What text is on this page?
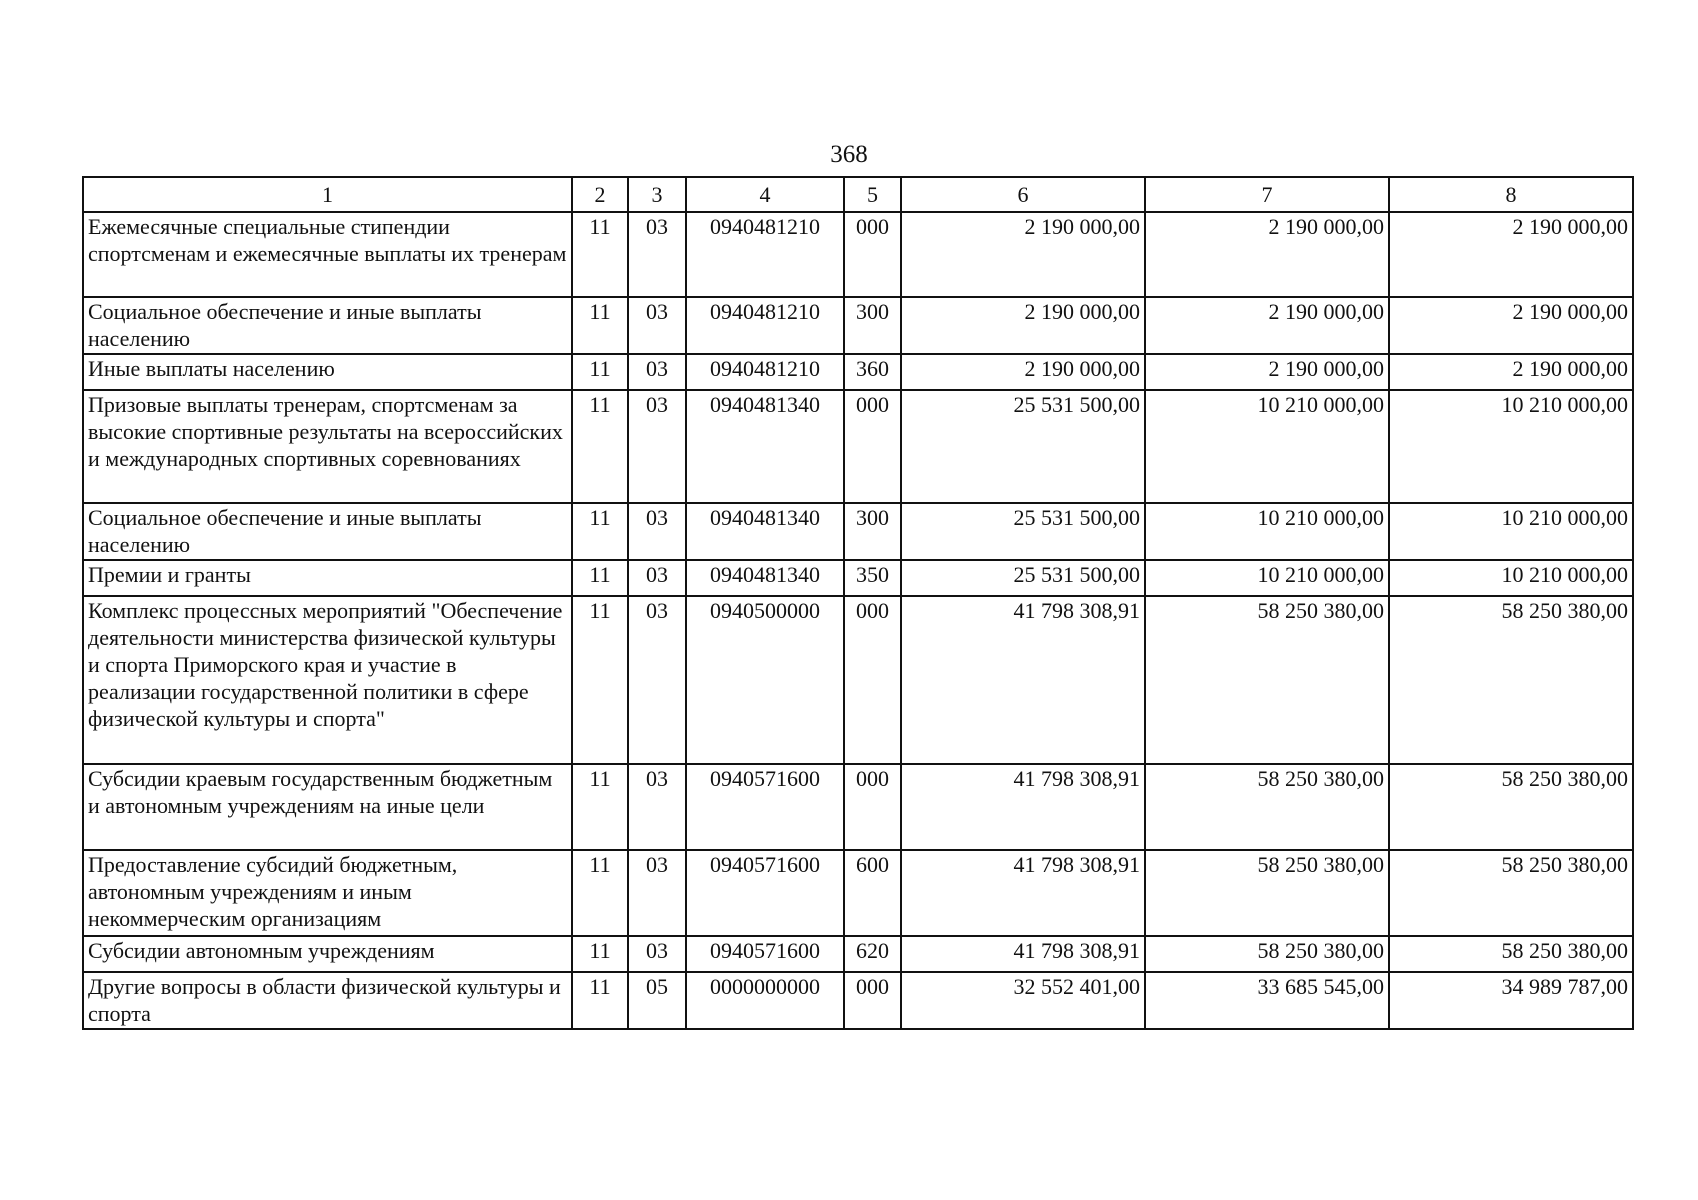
368
1	2	3	4	5	6	7	8
Ежемесячные специальные стипендии спортсменам и ежемесячные выплаты их тренерам	11	03	0940481210	000	2 190 000,00	2 190 000,00	2 190 000,00
Социальное обеспечение и иные выплаты населению	11	03	0940481210	300	2 190 000,00	2 190 000,00	2 190 000,00
Иные выплаты населению	11	03	0940481210	360	2 190 000,00	2 190 000,00	2 190 000,00
Призовые выплаты тренерам, спортсменам за высокие спортивные результаты на всероссийских и международных спортивных соревнованиях	11	03	0940481340	000	25 531 500,00	10 210 000,00	10 210 000,00
Социальное обеспечение и иные выплаты населению	11	03	0940481340	300	25 531 500,00	10 210 000,00	10 210 000,00
Премии и гранты	11	03	0940481340	350	25 531 500,00	10 210 000,00	10 210 000,00
Комплекс процессных мероприятий "Обеспечение деятельности министерства физической культуры и спорта Приморского края и участие в реализации государственной политики в сфере физической культуры и спорта"	11	03	0940500000	000	41 798 308,91	58 250 380,00	58 250 380,00
Субсидии краевым государственным бюджетным и автономным учреждениям на иные цели	11	03	0940571600	000	41 798 308,91	58 250 380,00	58 250 380,00
Предоставление субсидий бюджетным, автономным учреждениям и иным некоммерческим организациям	11	03	0940571600	600	41 798 308,91	58 250 380,00	58 250 380,00
Субсидии автономным учреждениям	11	03	0940571600	620	41 798 308,91	58 250 380,00	58 250 380,00
Другие вопросы в области физической культуры и спорта	11	05	0000000000	000	32 552 401,00	33 685 545,00	34 989 787,00
